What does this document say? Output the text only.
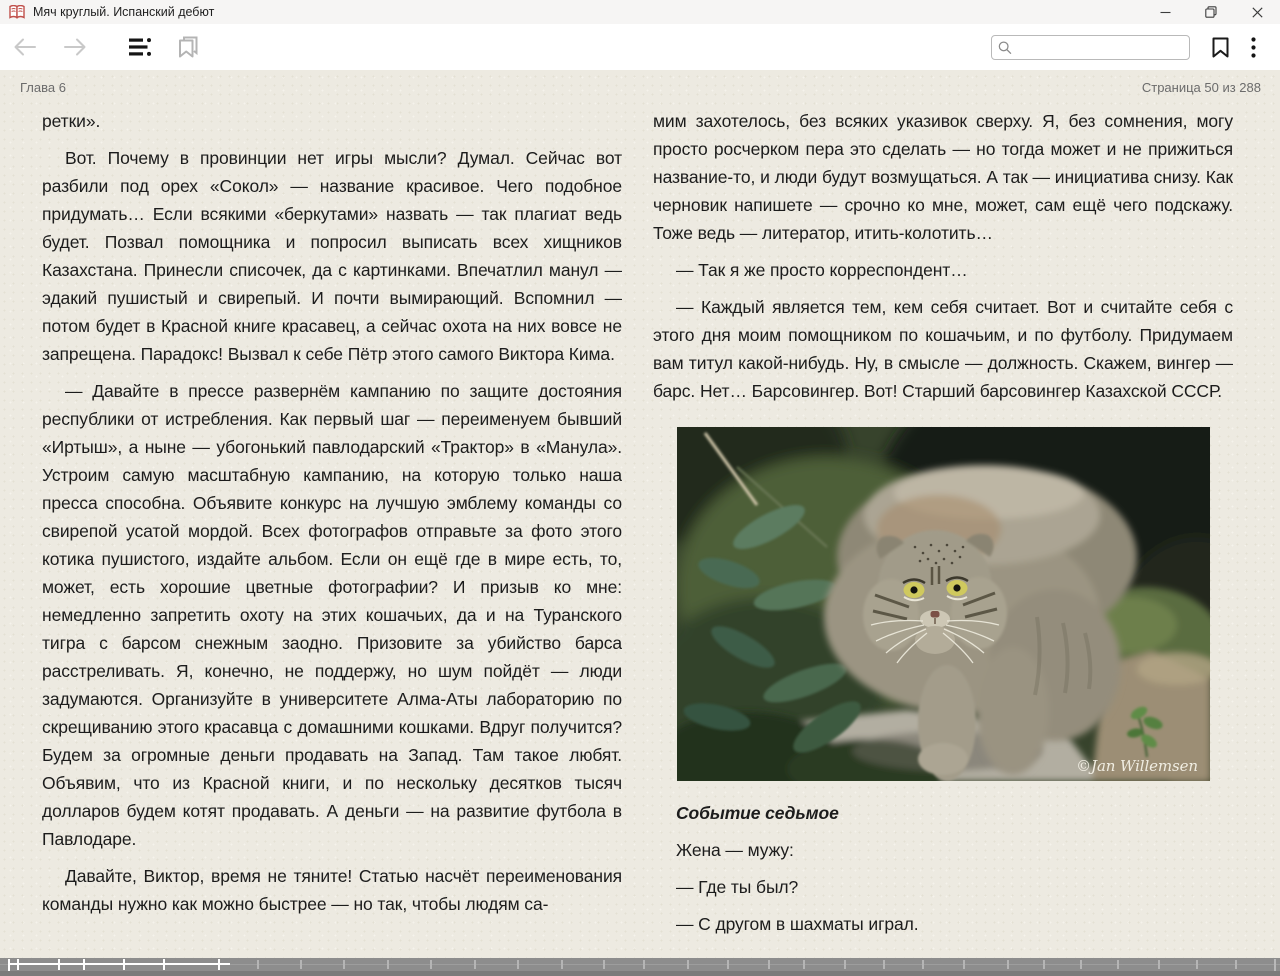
Мяч круглый. Испанский дебют
Глава 6	Страница 50 из 288

ретки».

Вот. Почему в провинции нет игры мысли? Думал. Сейчас вот разбили под орех «Сокол» — название красивое. Чего подобное придумать… Если всякими «беркутами» назвать — так плагиат ведь будет. Позвал помощника и попросил выписать всех хищников Казахстана. Принесли списочек, да с картинками. Впечатлил манул — эдакий пушистый и свирепый. И почти вымирающий. Вспомнил — потом будет в Красной книге красавец, а сейчас охота на них вовсе не запрещена. Парадокс! Вызвал к себе Пётр этого самого Виктора Кима.

— Давайте в прессе развернём кампанию по защите достояния республики от истребления. Как первый шаг — переименуем бывший «Иртыш», а ныне — убогонький павлодарский «Трактор» в «Манула». Устроим самую масштабную кампанию, на которую только наша пресса способна. Объявите конкурс на лучшую эмблему команды со свирепой усатой мордой. Всех фотографов отправьте за фото этого котика пушистого, издайте альбом. Если он ещё где в мире есть, то, может, есть хорошие цветные фотографии? И призыв ко мне: немедленно запретить охоту на этих кошачьих, да и на Туранского тигра с барсом снежным заодно. Призовите за убийство барса расстреливать. Я, конечно, не поддержу, но шум пойдёт — люди задумаются. Организуйте в университете Алма-Аты лабораторию по скрещиванию этого красавца с домашними кошками. Вдруг получится? Будем за огромные деньги продавать на Запад. Там такое любят. Объявим, что из Красной книги, и по нескольку десятков тысяч долларов будем котят продавать. А деньги — на развитие футбола в Павлодаре.

Давайте, Виктор, время не тяните! Статью насчёт переименования команды нужно как можно быстрее — но так, чтобы людям са-

мим захотелось, без всяких указивок сверху. Я, без сомнения, могу просто росчерком пера это сделать — но тогда может и не прижиться название-то, и люди будут возмущаться. А так — инициатива снизу. Как черновик напишете — срочно ко мне, может, сам ещё чего подскажу. Тоже ведь — литератор, итить-колотить…

— Так я же просто корреспондент…

— Каждый является тем, кем себя считает. Вот и считайте себя с этого дня моим помощником по кошачьим, и по футболу. Придумаем вам титул какой-нибудь. Ну, в смысле — должность. Скажем, вингер — барс. Нет… Барсовингер. Вот! Старший барсовингер Казахской СССР.

©Jan Willemsen

Событие седьмое

Жена — мужу:

— Где ты был?

— С другом в шахматы играл.
